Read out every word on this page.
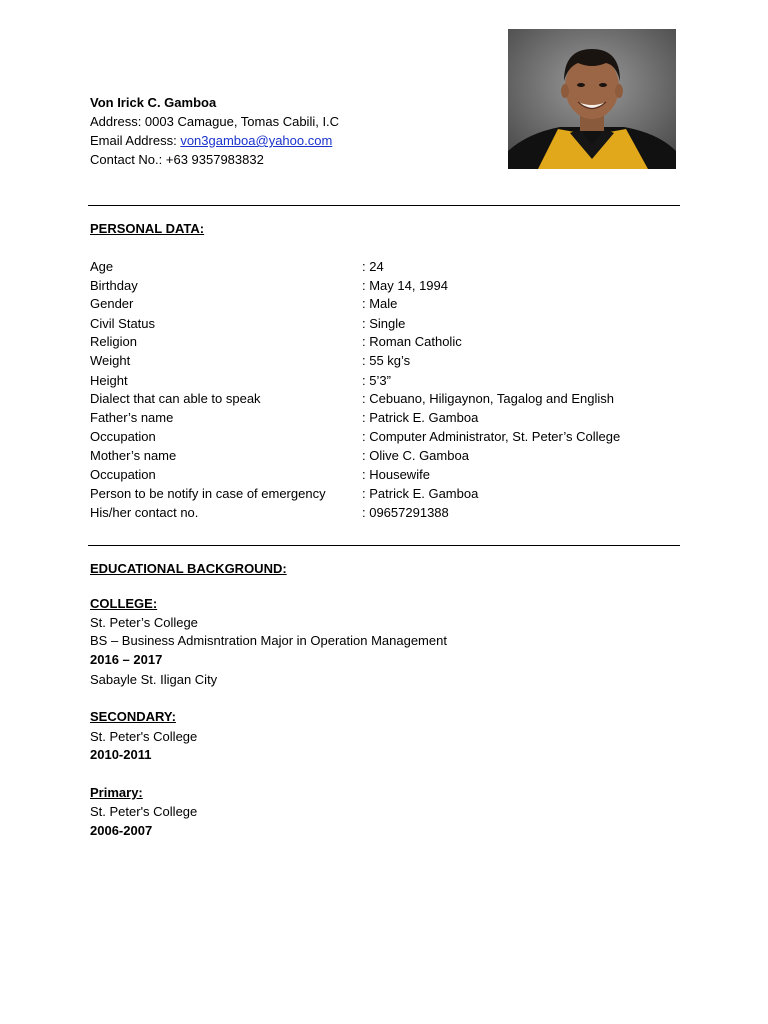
Von Irick C. Gamboa
Address: 0003 Camague, Tomas Cabili, I.C
Email Address: von3gamboa@yahoo.com
Contact No.: +63 9357983832
PERSONAL DATA:
Age	: 24
Birthday	: May 14, 1994
Gender	: Male
Civil Status	: Single
Religion	: Roman Catholic
Weight	: 55 kg’s
Height	: 5’3”
Dialect that can able to speak	: Cebuano, Hiligaynon, Tagalog and English
Father’s name	: Patrick E. Gamboa
Occupation	: Computer Administrator, St. Peter’s College
Mother’s name	: Olive C. Gamboa
Occupation	: Housewife
Person to be notify in case of emergency	: Patrick E. Gamboa
His/her contact no.	: 09657291388
EDUCATIONAL BACKGROUND:
COLLEGE:
St. Peter’s College
BS – Business Admisntration Major in Operation Management
2016 – 2017
Sabayle St. Iligan City
SECONDARY:
St. Peter's College
2010-2011
Primary:
St. Peter's College
2006-2007
